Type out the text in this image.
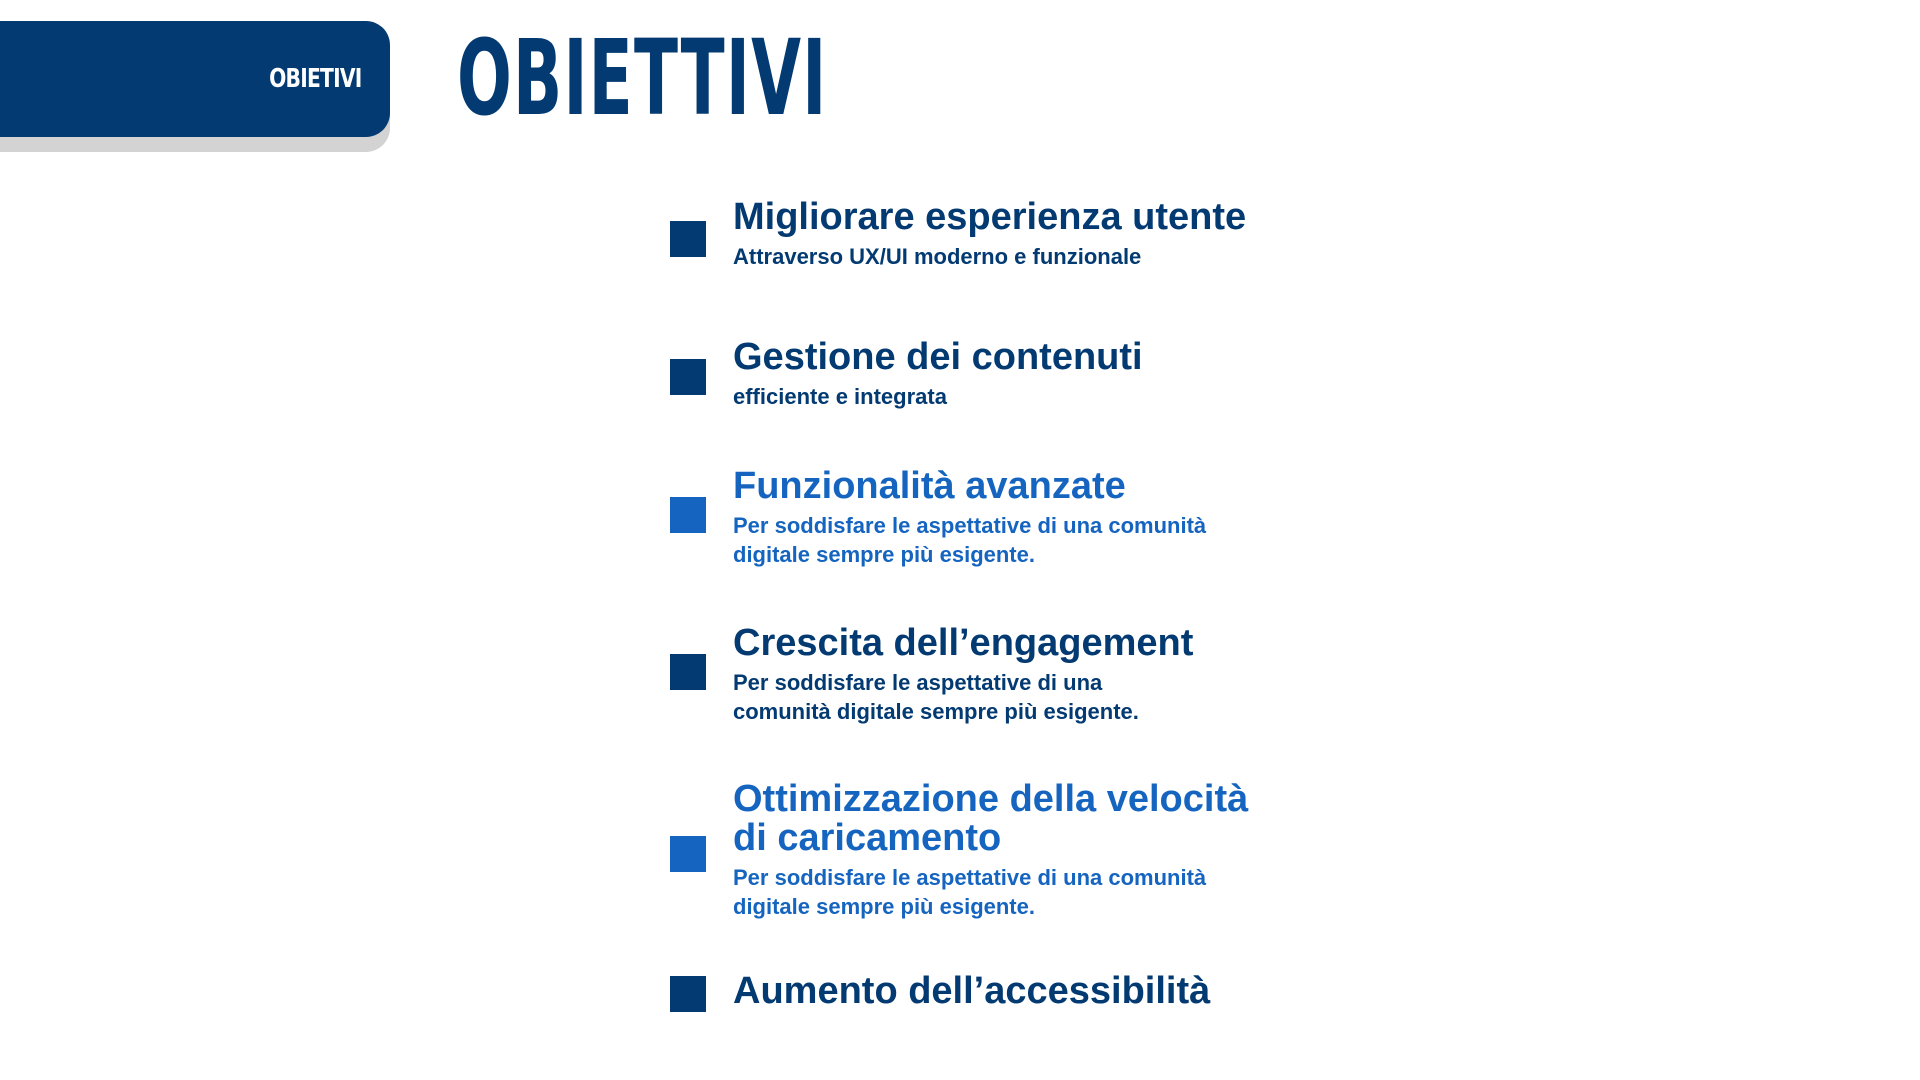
OBIETIVI OBIETTIVI
Migliorare esperienza utente
Attraverso UX/UI moderno e funzionale
Gestione dei contenuti
efficiente e integrata
Funzionalità avanzate
Per soddisfare le aspettative di una comunità digitale sempre più esigente.
Crescita dell’engagement
Per soddisfare le aspettative di una
comunità digitale sempre più esigente.
Ottimizzazione della velocità
di caricamento
Per soddisfare le aspettative di una comunità digitale sempre più esigente.
Aumento dell’accessibilità
